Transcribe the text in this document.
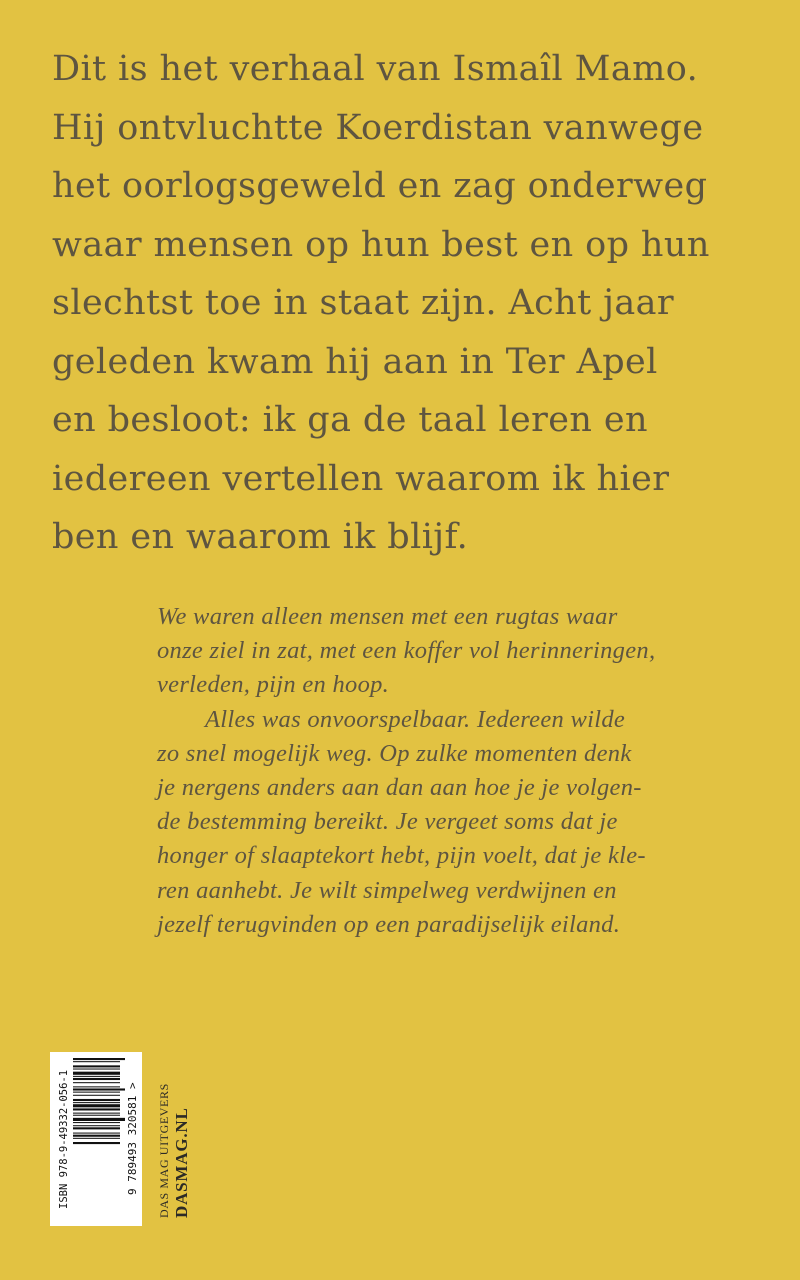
Dit is het verhaal van Ismaîl Mamo.
Hij ontvluchtte Koerdistan vanwege
het oorlogsgeweld en zag onderweg
waar mensen op hun best en op hun
slechtst toe in staat zijn. Acht jaar
geleden kwam hij aan in Ter Apel
en besloot: ik ga de taal leren en
iedereen vertellen waarom ik hier
ben en waarom ik blijf.
We waren alleen mensen met een rugtas waar
onze ziel in zat, met een koffer vol herinneringen,
verleden, pijn en hoop.
Alles was onvoorspelbaar. Iedereen wilde
zo snel mogelijk weg. Op zulke momenten denk
je nergens anders aan dan aan hoe je je volgen-
de bestemming bereikt. Je vergeet soms dat je
honger of slaaptekort hebt, pijn voelt, dat je kle-
ren aanhebt. Je wilt simpelweg verdwijnen en
jezelf terugvinden op een paradijselijk eiland.
ISBN 978-9-49332-056-1	9 789493 320581 > DAS MAG UITGEVERS DASMAG.NL
